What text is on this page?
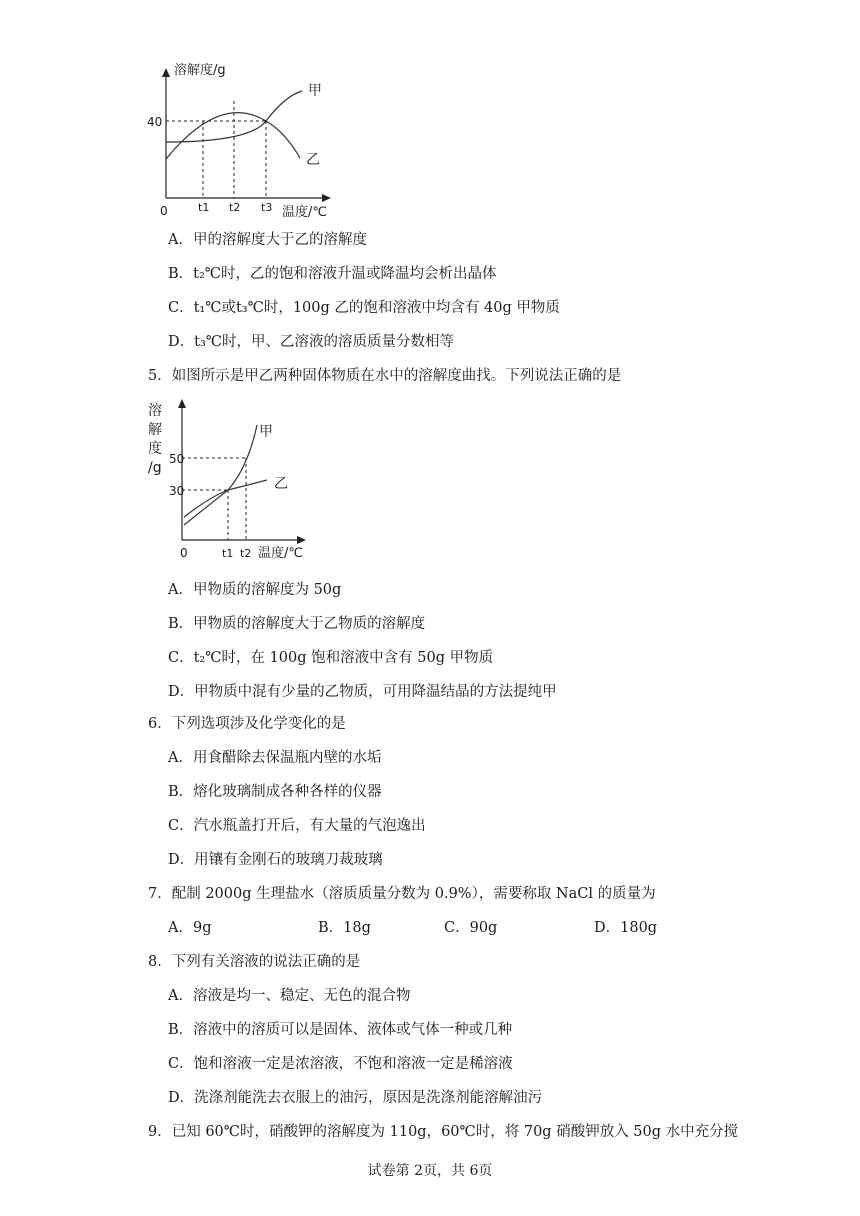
溶解度/g
40
0	t1 t2 t3 温度/℃
甲
乙
A．甲的溶解度大于乙的溶解度
B．t₂℃时，乙的饱和溶液升温或降温均会析出晶体
C．t₁℃或t₃℃时，100g 乙的饱和溶液中均含有 40g 甲物质
D．t₃℃时，甲、乙溶液的溶质质量分数相等
5．如图所示是甲乙两种固体物质在水中的溶解度曲找。下列说法正确的是
溶
解
度
/g
50
30
0	t1 t2 温度/℃
甲
乙
A．甲物质的溶解度为 50g
B．甲物质的溶解度大于乙物质的溶解度
C．t₂℃时，在 100g 饱和溶液中含有 50g 甲物质
D．甲物质中混有少量的乙物质，可用降温结晶的方法提纯甲
6．下列选项涉及化学变化的是
A．用食醋除去保温瓶内壁的水垢
B．熔化玻璃制成各种各样的仪器
C．汽水瓶盖打开后，有大量的气泡逸出
D．用镶有金刚石的玻璃刀裁玻璃
7．配制 2000g 生理盐水（溶质质量分数为 0.9%），需要称取 NaCl 的质量为
A．9g	B．18g	C．90g	D．180g
8．下列有关溶液的说法正确的是
A．溶液是均一、稳定、无色的混合物
B．溶液中的溶质可以是固体、液体或气体一种或几种
C．饱和溶液一定是浓溶液，不饱和溶液一定是稀溶液
D．洗涤剂能洗去衣服上的油污，原因是洗涤剂能溶解油污
9．已知 60℃时，硝酸钾的溶解度为 110g，60℃时，将 70g 硝酸钾放入 50g 水中充分搅
试卷第 2页，共 6页
